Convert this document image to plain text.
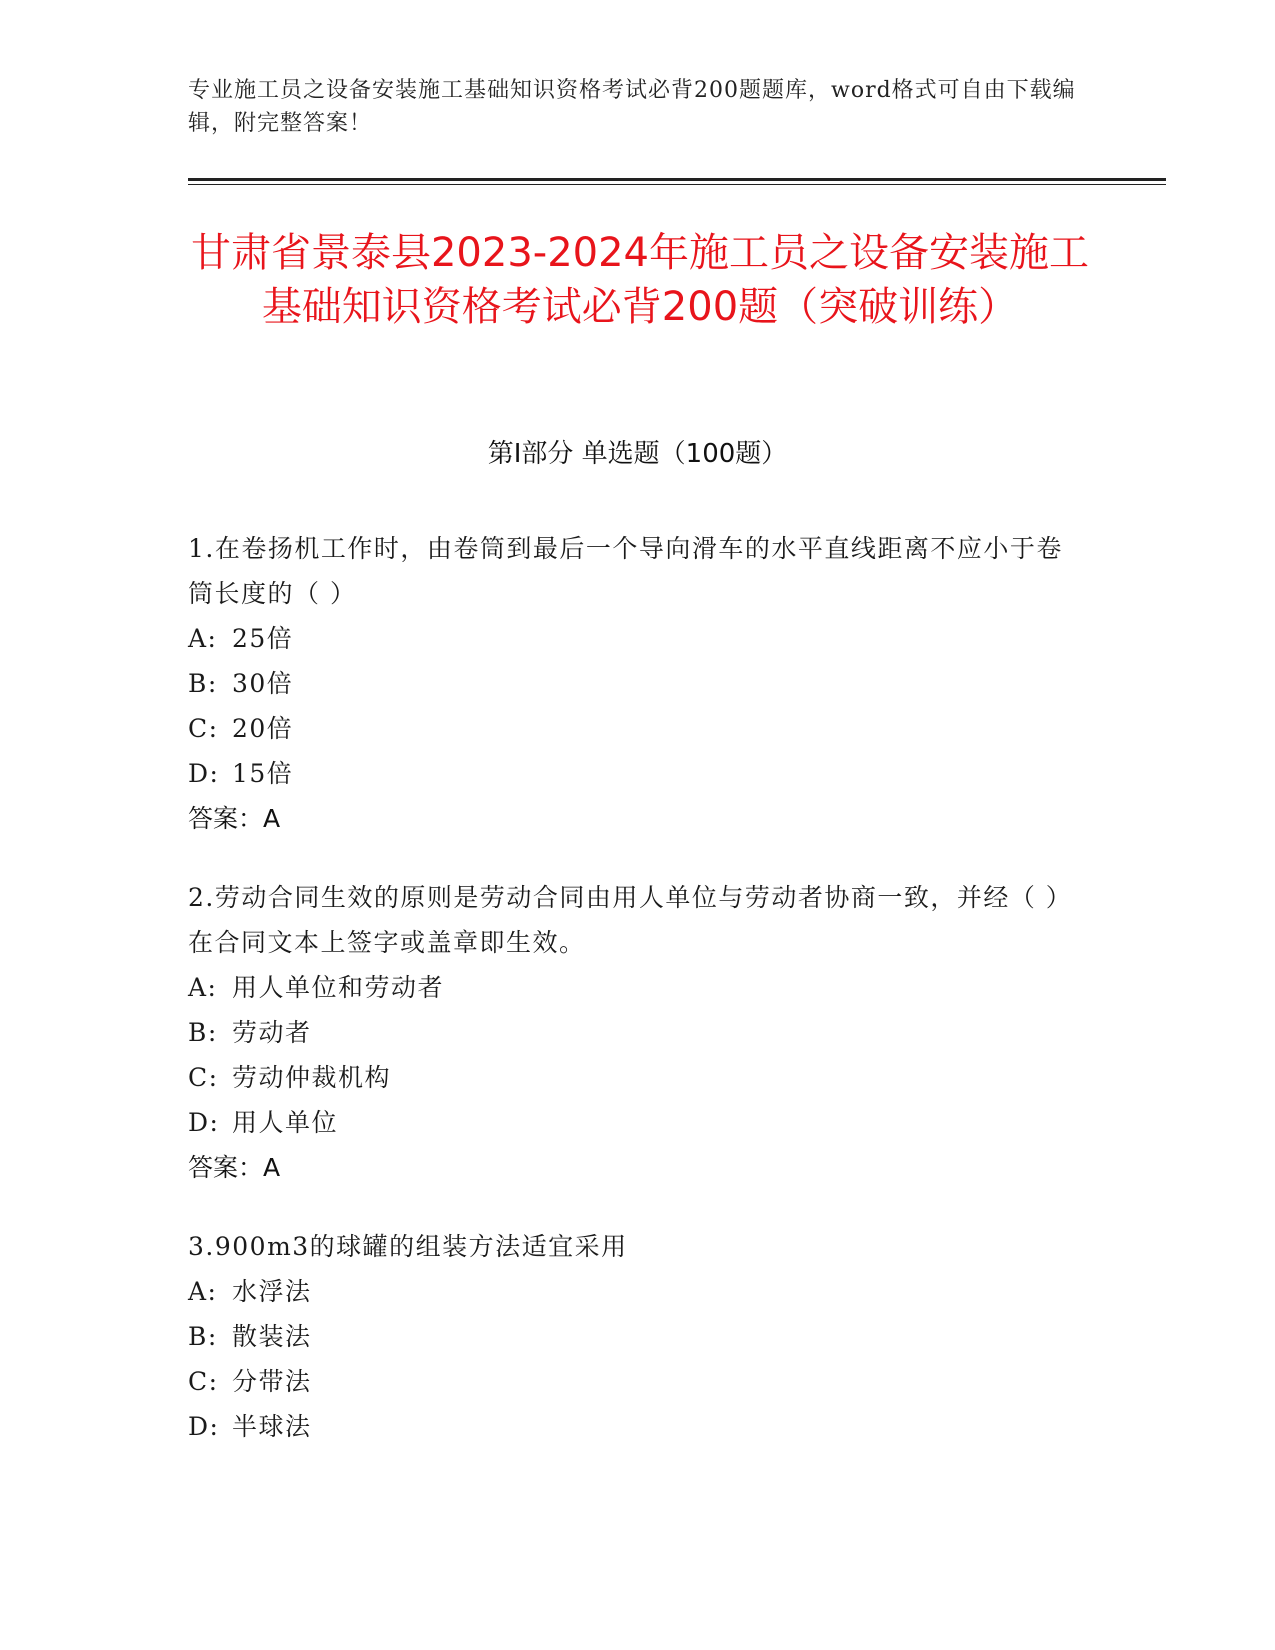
专业施工员之设备安装施工基础知识资格考试必背200题题库，word格式可自由下载编辑，附完整答案！
甘肃省景泰县2023-2024年施工员之设备安装施工基础知识资格考试必背200题（突破训练）
第I部分 单选题（100题）
1.在卷扬机工作时，由卷筒到最后一个导向滑车的水平直线距离不应小于卷筒长度的（ ）
A: 25倍
B: 30倍
C: 20倍
D: 15倍
答案：A
2.劳动合同生效的原则是劳动合同由用人单位与劳动者协商一致，并经（ ）在合同文本上签字或盖章即生效。
A: 用人单位和劳动者
B: 劳动者
C: 劳动仲裁机构
D: 用人单位
答案：A
3.900m3的球罐的组装方法适宜采用
A: 水浮法
B: 散装法
C: 分带法
D: 半球法
